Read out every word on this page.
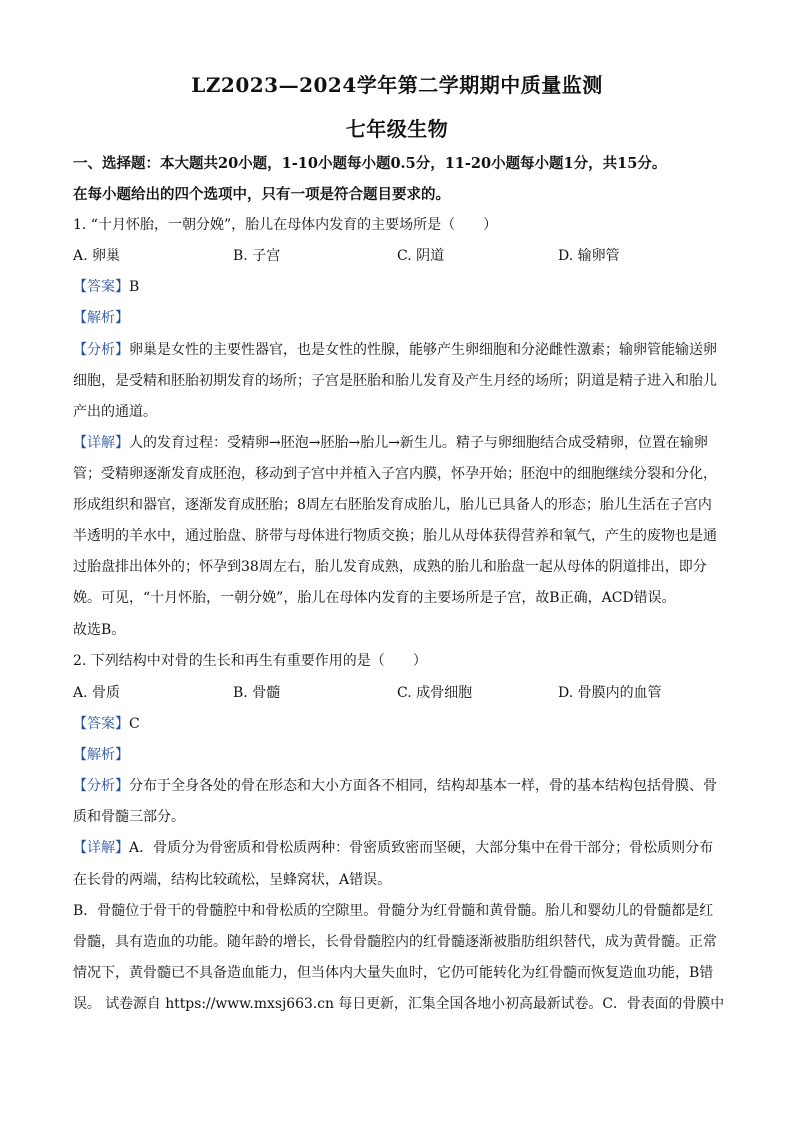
LZ2023—2024学年第二学期期中质量监测
七年级生物
一、选择题：本大题共20小题，1-10小题每小题0.5分，11-20小题每小题1分，共15分。
在每小题给出的四个选项中，只有一项是符合题目要求的。
1. “十月怀胎，一朝分娩”，胎儿在母体内发育的主要场所是（ ）
A. 卵巢	B. 子宫	C. 阴道	D. 输卵管
【答案】B
【解析】
【分析】卵巢是女性的主要性器官，也是女性的性腺，能够产生卵细胞和分泌雌性激素；输卵管能输送卵
细胞，是受精和胚胎初期发育的场所；子宫是胚胎和胎儿发育及产生月经的场所；阴道是精子进入和胎儿
产出的通道。
【详解】人的发育过程：受精卵→胚泡→胚胎→胎儿→新生儿。精子与卵细胞结合成受精卵，位置在输卵
管；受精卵逐渐发育成胚泡，移动到子宫中并植入子宫内膜，怀孕开始；胚泡中的细胞继续分裂和分化，
形成组织和器官，逐渐发育成胚胎；8周左右胚胎发育成胎儿，胎儿已具备人的形态；胎儿生活在子宫内
半透明的羊水中，通过胎盘、脐带与母体进行物质交换；胎儿从母体获得营养和氧气，产生的废物也是通
过胎盘排出体外的；怀孕到38周左右，胎儿发育成熟，成熟的胎儿和胎盘一起从母体的阴道排出，即分
娩。可见，“十月怀胎，一朝分娩”，胎儿在母体内发育的主要场所是子宫，故B正确，ACD错误。
故选B。
2. 下列结构中对骨的生长和再生有重要作用的是（ ）
A. 骨质	B. 骨髓	C. 成骨细胞	D. 骨膜内的血管
【答案】C
【解析】
【分析】分布于全身各处的骨在形态和大小方面各不相同，结构却基本一样，骨的基本结构包括骨膜、骨
质和骨髓三部分。
【详解】A．骨质分为骨密质和骨松质两种：骨密质致密而坚硬，大部分集中在骨干部分；骨松质则分布
在长骨的两端，结构比较疏松，呈蜂窝状，A错误。
B．骨髓位于骨干的骨髓腔中和骨松质的空隙里。骨髓分为红骨髓和黄骨髓。胎儿和婴幼儿的骨髓都是红
骨髓，具有造血的功能。随年龄的增长，长骨骨髓腔内的红骨髓逐渐被脂肪组织替代，成为黄骨髓。正常
情况下，黄骨髓已不具备造血能力，但当体内大量失血时，它仍可能转化为红骨髓而恢复造血功能，B错
误。 试卷源自 https://www.mxsj663.cn 每日更新，汇集全国各地小初高最新试卷。C．骨表面的骨膜中
